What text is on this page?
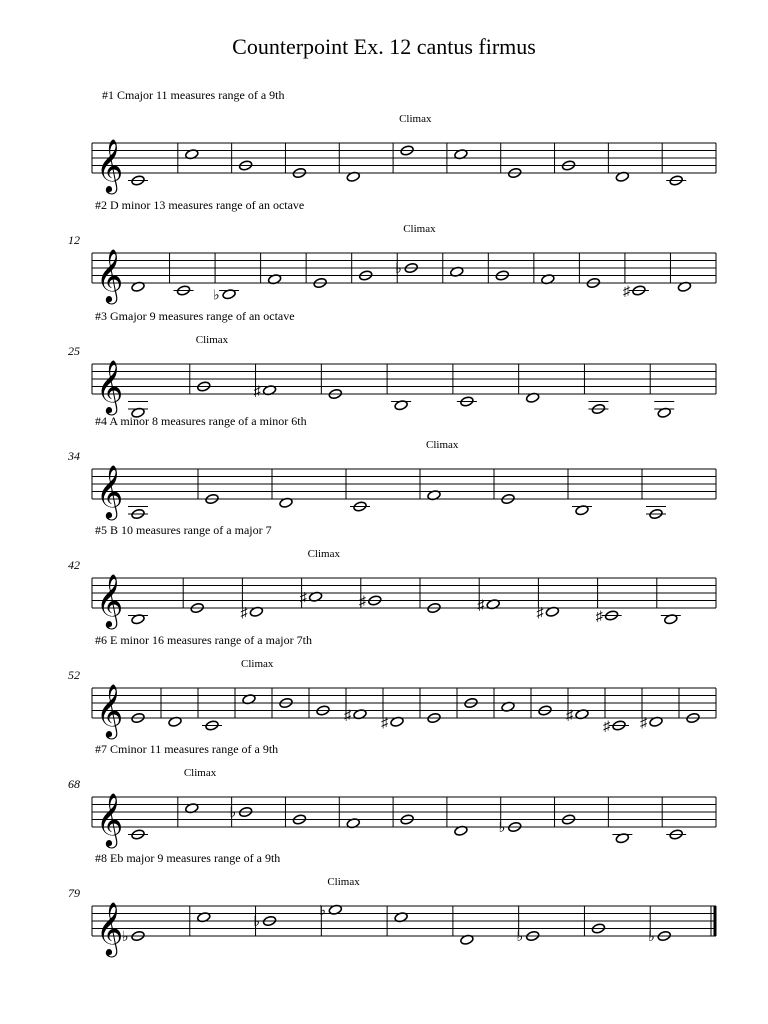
Counterpoint Ex. 12 cantus firmus
#1 Cmajor 11 measures range of a 9th
𝄞
Climax
#2 D minor 13 measures range of an octave
12
𝄞	♭
♭
Climax
♯
#3 Gmajor 9 measures range of an octave
25
𝄞
Climax
♯
#4 A minor 8 measures range of a minor 6th
34
𝄞
Climax
#5 B 10 measures range of a major 7
42
𝄞	♯
♯
Climax
♯	♯	♯	♯
#6 E minor 16 measures range of a major 7th
52
𝄞
Climax
♯ ♯	♯
♯ ♯
#7 Cminor 11 measures range of a 9th
68
𝄞
Climax
♭
♭
#8 Eb major 9 measures range of a 9th
79
𝄞
♭
♭
♭
Climax
♭	♭
